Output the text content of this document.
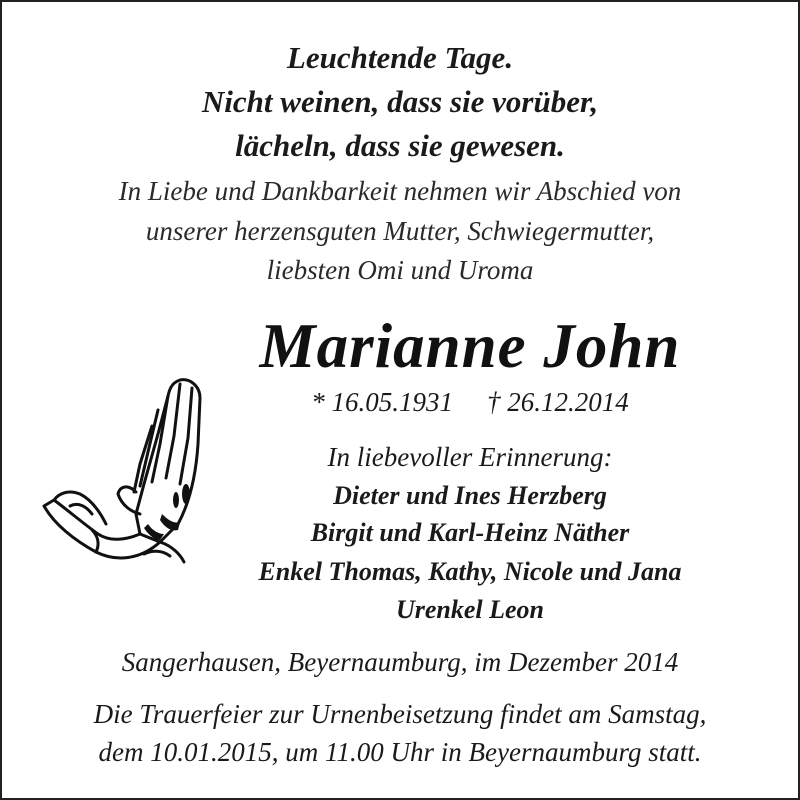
Leuchtende Tage.
Nicht weinen, dass sie vorüber,
lächeln, dass sie gewesen.
In Liebe und Dankbarkeit nehmen wir Abschied von
unserer herzensguten Mutter, Schwiegermutter,
liebsten Omi und Uroma
Marianne John
* 16.05.1931 † 26.12.2014
In liebevoller Erinnerung:
Dieter und Ines Herzberg
Birgit und Karl-Heinz Näther
Enkel Thomas, Kathy, Nicole und Jana
Urenkel Leon
Sangerhausen, Beyernaumburg, im Dezember 2014
Die Trauerfeier zur Urnenbeisetzung findet am Samstag,
dem 10.01.2015, um 11.00 Uhr in Beyernaumburg statt.
